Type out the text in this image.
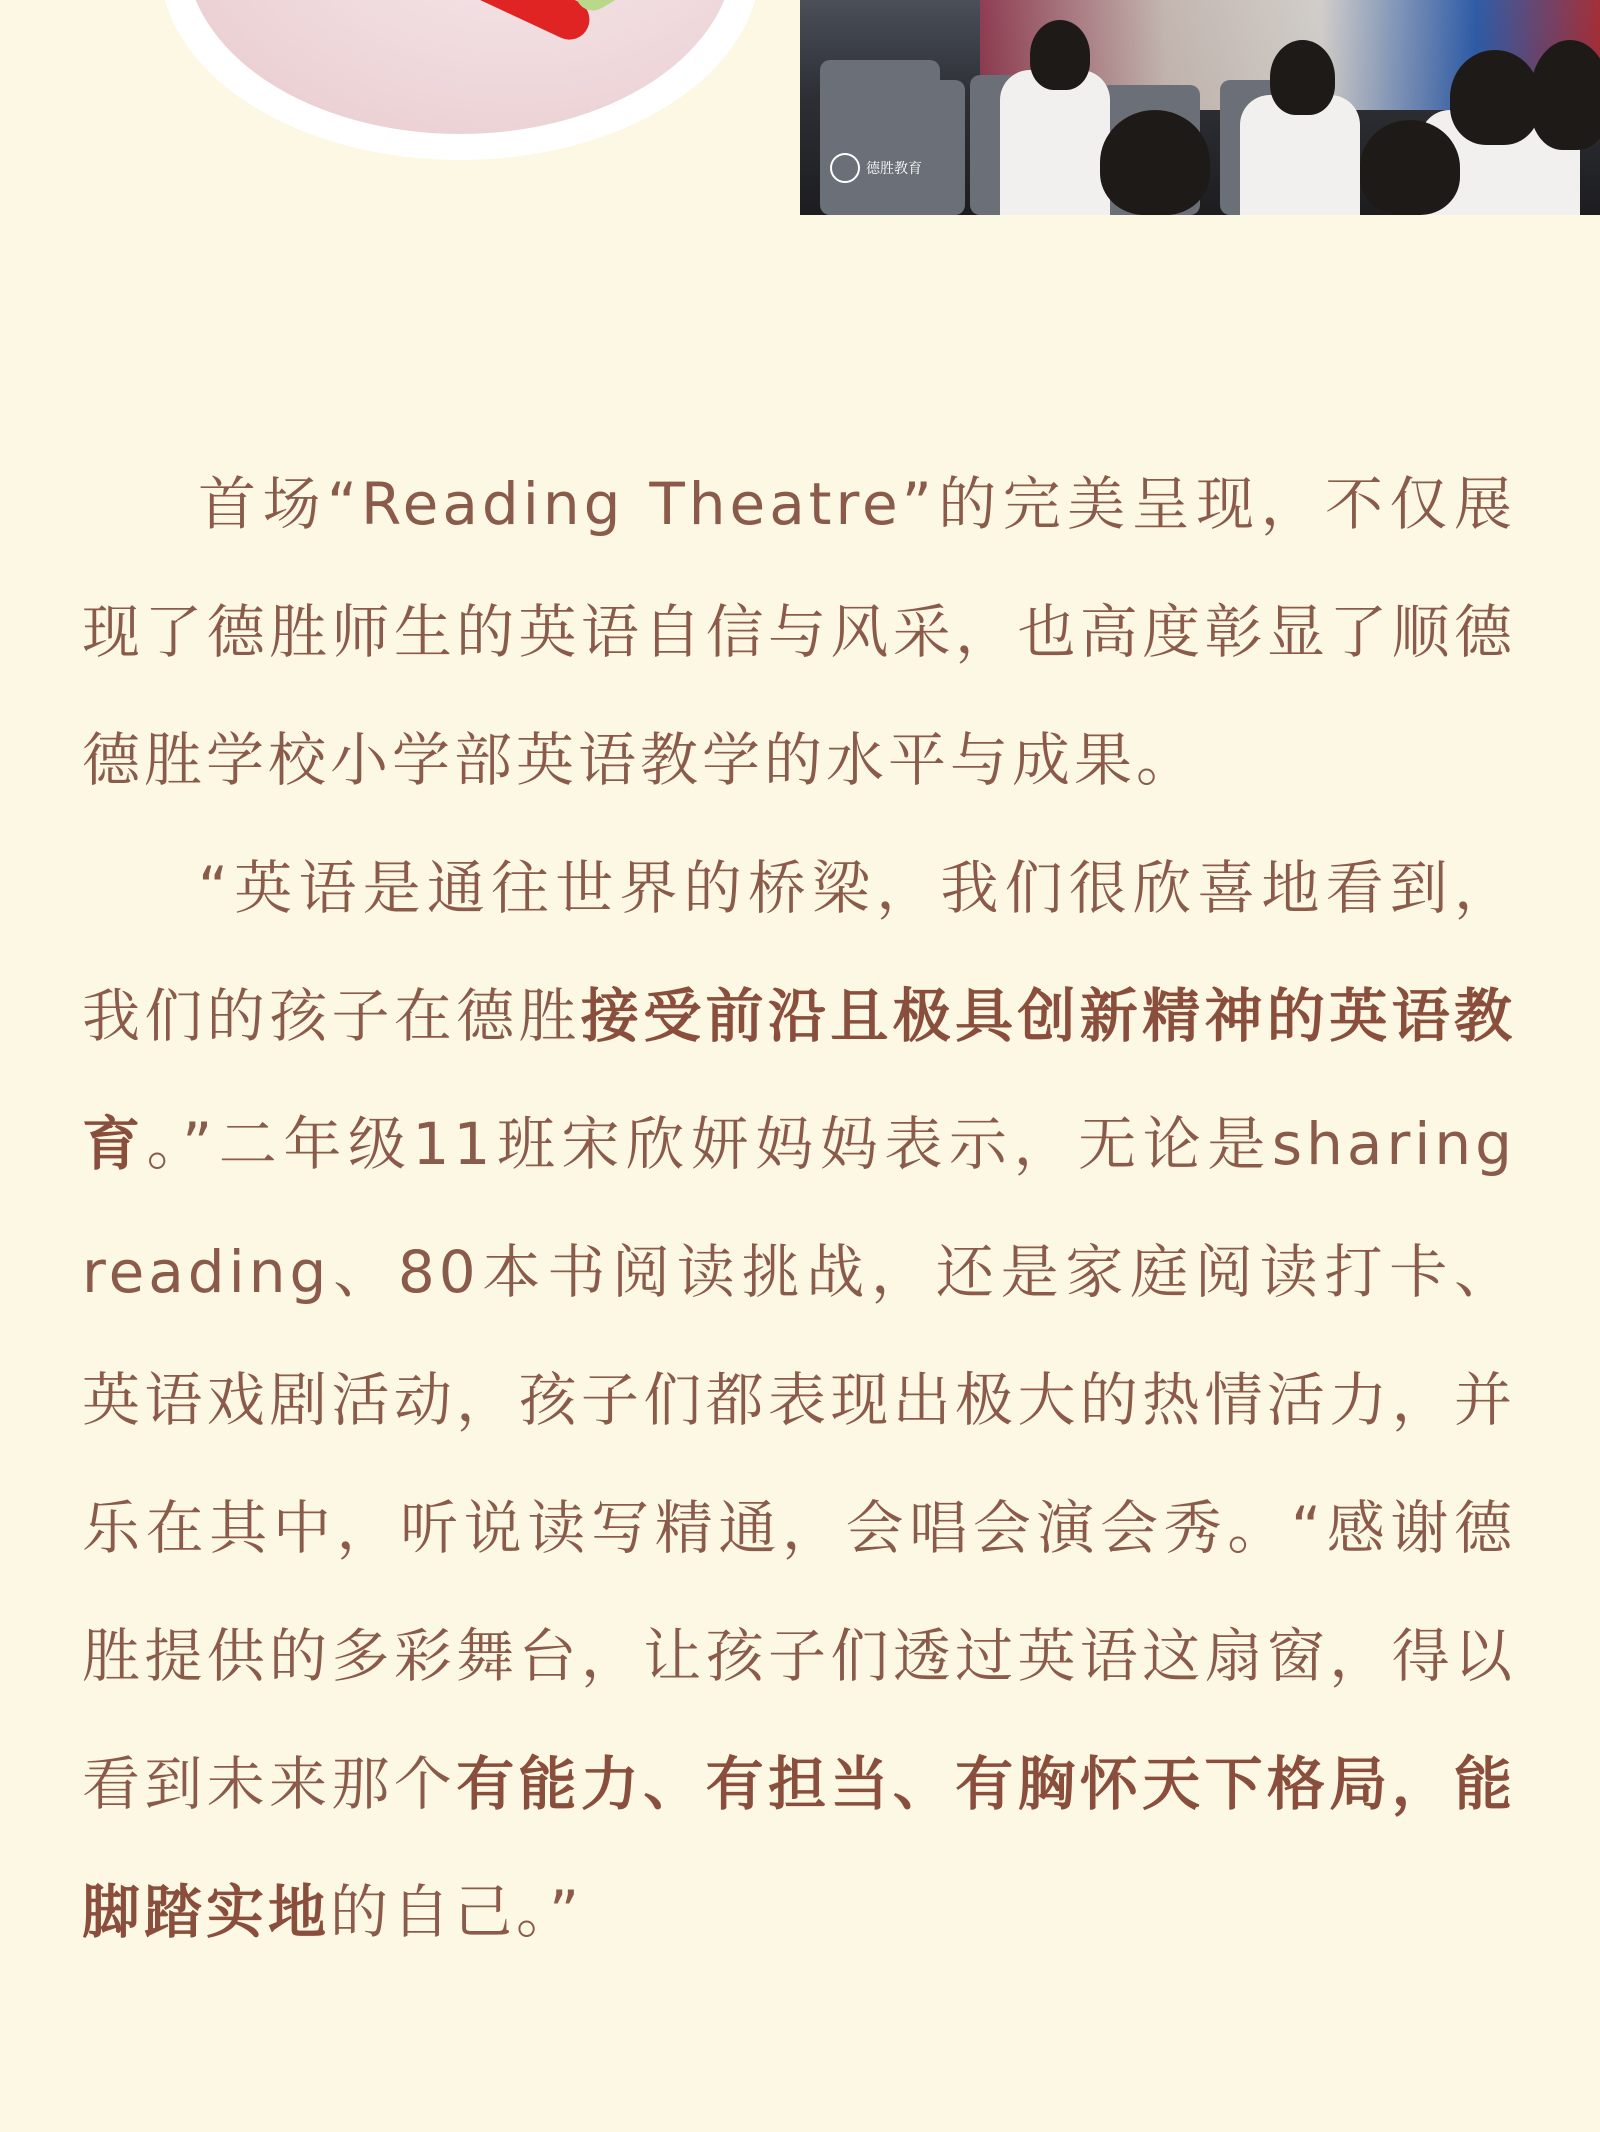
德胜教育

首场“Reading Theatre”的完美呈现，不仅展现了德胜师生的英语自信与风采，也高度彰显了顺德德胜学校小学部英语教学的水平与成果。

“英语是通往世界的桥梁，我们很欣喜地看到，我们的孩子在德胜接受前沿且极具创新精神的英语教育。”二年级11班宋欣妍妈妈表示，无论是sharing reading、80本书阅读挑战，还是家庭阅读打卡、英语戏剧活动，孩子们都表现出极大的热情活力，并乐在其中，听说读写精通，会唱会演会秀。“感谢德胜提供的多彩舞台，让孩子们透过英语这扇窗，得以看到未来那个有能力、有担当、有胸怀天下格局，能脚踏实地的自己。”
